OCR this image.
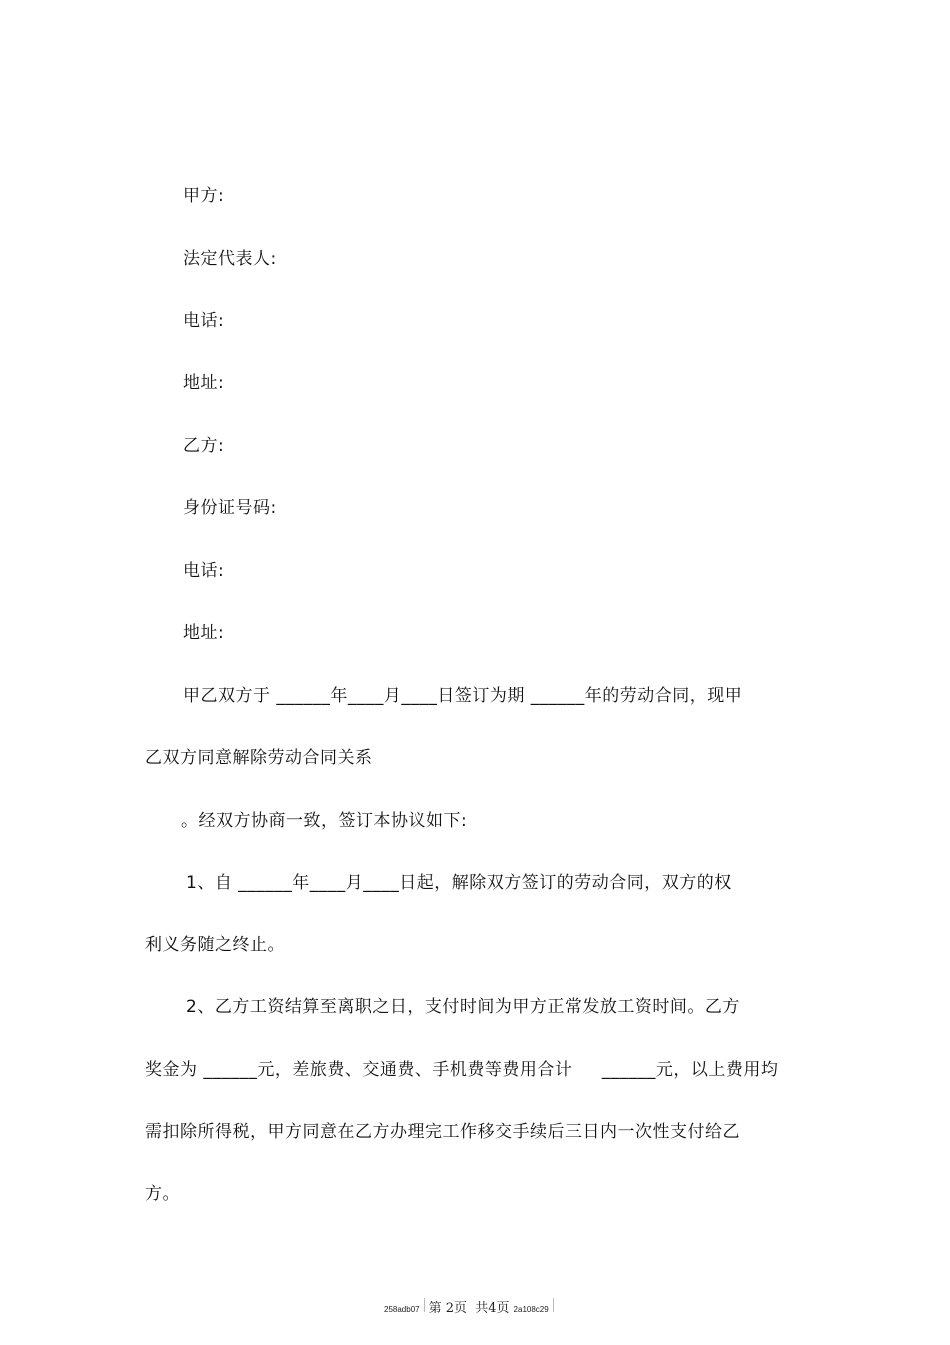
甲方:
法定代表人:
电话:
地址:
乙方:
身份证号码:
电话:
地址:
甲乙双方于 ______年____月____日签订为期 ______年的劳动合同，现甲
乙双方同意解除劳动合同关系
。经双方协商一致，签订本协议如下:
1、自 ______年____月____日起，解除双方签订的劳动合同，双方的权
利义务随之终止。
2、乙方工资结算至离职之日，支付时间为甲方正常发放工资时间。乙方
奖金为 ______元，差旅费、交通费、手机费等费用合计     ______元，以上费用均
需扣除所得税，甲方同意在乙方办理完工作移交手续后三日内一次性支付给乙
方。
258adb07 第 2页  共4页 2a108c29
